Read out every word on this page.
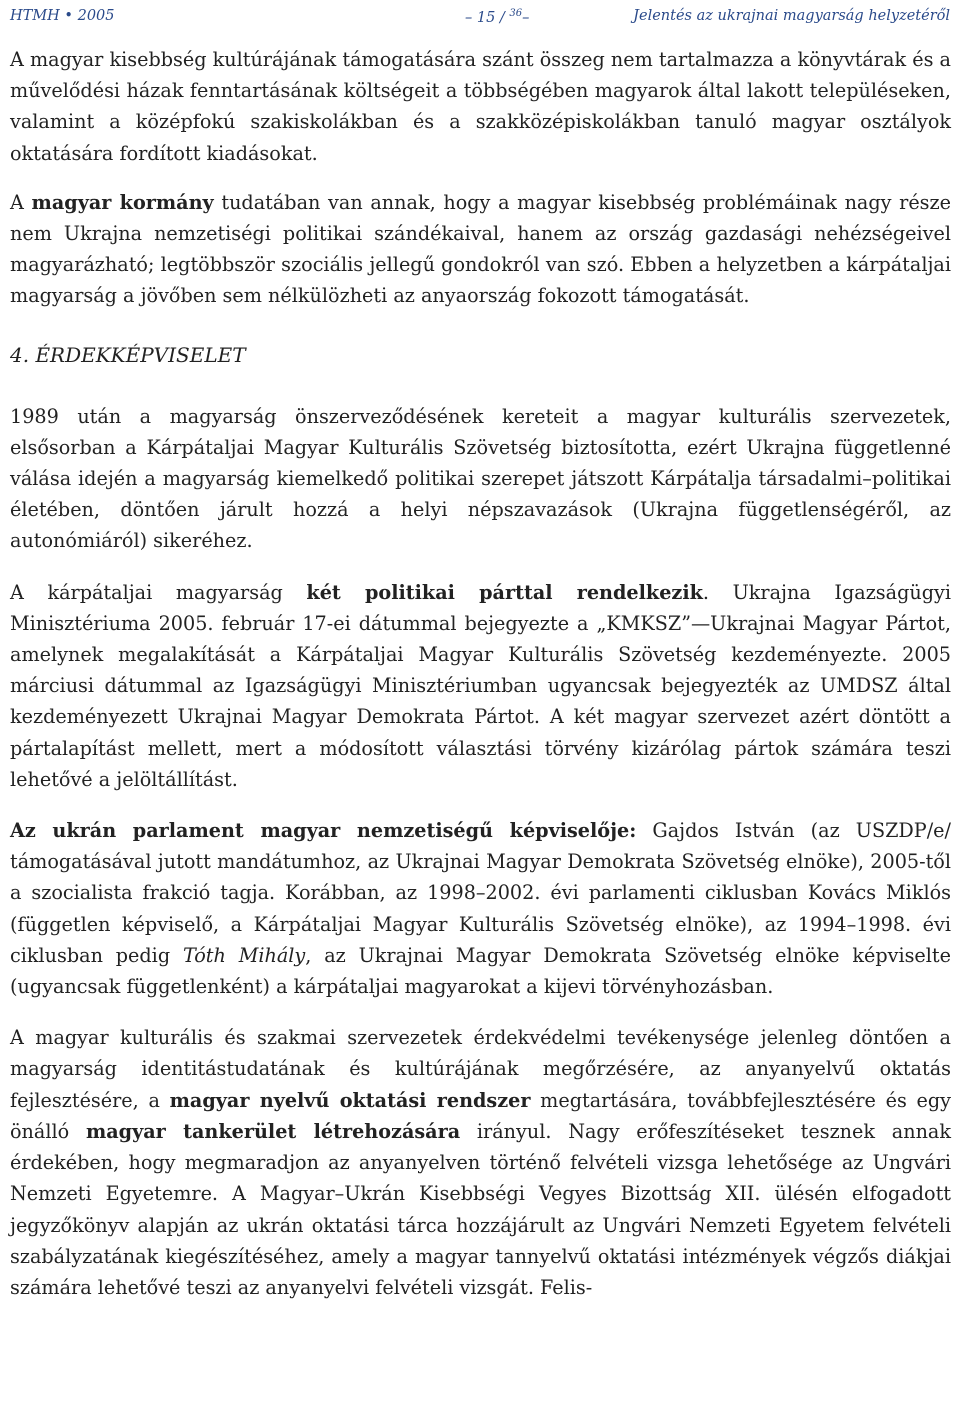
HTMH • 2005	– 15 / $^{36}$–	Jelentés az ukrajnai magyarság helyzetéről

A magyar kisebbség kultúrájának támogatására szánt összeg nem tartalmazza a könyvtárak és a művelődési házak fenntartásának költségeit a többségében magyarok által lakott településeken, valamint a középfokú szakiskolákban és a szakközépiskolákban tanuló magyar osztályok oktatására fordított kiadásokat.

A magyar kormány tudatában van annak, hogy a magyar kisebbség problémáinak nagy része nem Ukrajna nemzetiségi politikai szándékaival, hanem az ország gazdasági nehézségeivel magyarázható; legtöbbször szociális jellegű gondokról van szó. Ebben a helyzetben a kárpátaljai magyarság a jövőben sem nélkülözheti az anyaország fokozott támogatását.

4. ÉRDEKKÉPVISELET

1989 után a magyarság önszerveződésének kereteit a magyar kulturális szervezetek, elsősorban a Kárpátaljai Magyar Kulturális Szövetség biztosította, ezért Ukrajna függetlenné válása idején a magyarság kiemelkedő politikai szerepet játszott Kárpátalja társadalmi–politikai életében, döntően járult hozzá a helyi népszavazások (Ukrajna függetlenségéről, az autonómiáról) sikeréhez.

A kárpátaljai magyarság két politikai párttal rendelkezik. Ukrajna Igazságügyi Minisztériuma 2005. február 17-ei dátummal bejegyezte a „KMKSZ”—Ukrajnai Magyar Pártot, amelynek megalakítását a Kárpátaljai Magyar Kulturális Szövetség kezdeményezte. 2005 márciusi dátummal az Igazságügyi Minisztériumban ugyancsak bejegyezték az UMDSZ által kezdeményezett Ukrajnai Magyar Demokrata Pártot. A két magyar szervezet azért döntött a pártalapítást mellett, mert a módosított választási törvény kizárólag pártok számára teszi lehetővé a jelöltállítást.

Az ukrán parlament magyar nemzetiségű képviselője: Gajdos István (az USZDP/e/ támogatásával jutott mandátumhoz, az Ukrajnai Magyar Demokrata Szövetség elnöke), 2005-től a szocialista frakció tagja. Korábban, az 1998–2002. évi parlamenti ciklusban Kovács Miklós (független képviselő, a Kárpátaljai Magyar Kulturális Szövetség elnöke), az 1994–1998. évi ciklusban pedig Tóth Mihály, az Ukrajnai Magyar Demokrata Szövetség elnöke képviselte (ugyancsak függetlenként) a kárpátaljai magyarokat a kijevi törvényhozásban.

A magyar kulturális és szakmai szervezetek érdekvédelmi tevékenysége jelenleg döntően a magyarság identitástudatának és kultúrájának megőrzésére, az anyanyelvű oktatás fejlesztésére, a magyar nyelvű oktatási rendszer megtartására, továbbfejlesztésére és egy önálló magyar tankerület létrehozására irányul. Nagy erőfeszítéseket tesznek annak érdekében, hogy megmaradjon az anyanyelven történő felvételi vizsga lehetősége az Ungvári Nemzeti Egyetemre. A Magyar–Ukrán Kisebbségi Vegyes Bizottság XII. ülésén elfogadott jegyzőkönyv alapján az ukrán oktatási tárca hozzájárult az Ungvári Nemzeti Egyetem felvételi szabályzatának kiegészítéséhez, amely a magyar tannyelvű oktatási intézmények végzős diákjai számára lehetővé teszi az anyanyelvi felvételi vizsgát. Felis-
